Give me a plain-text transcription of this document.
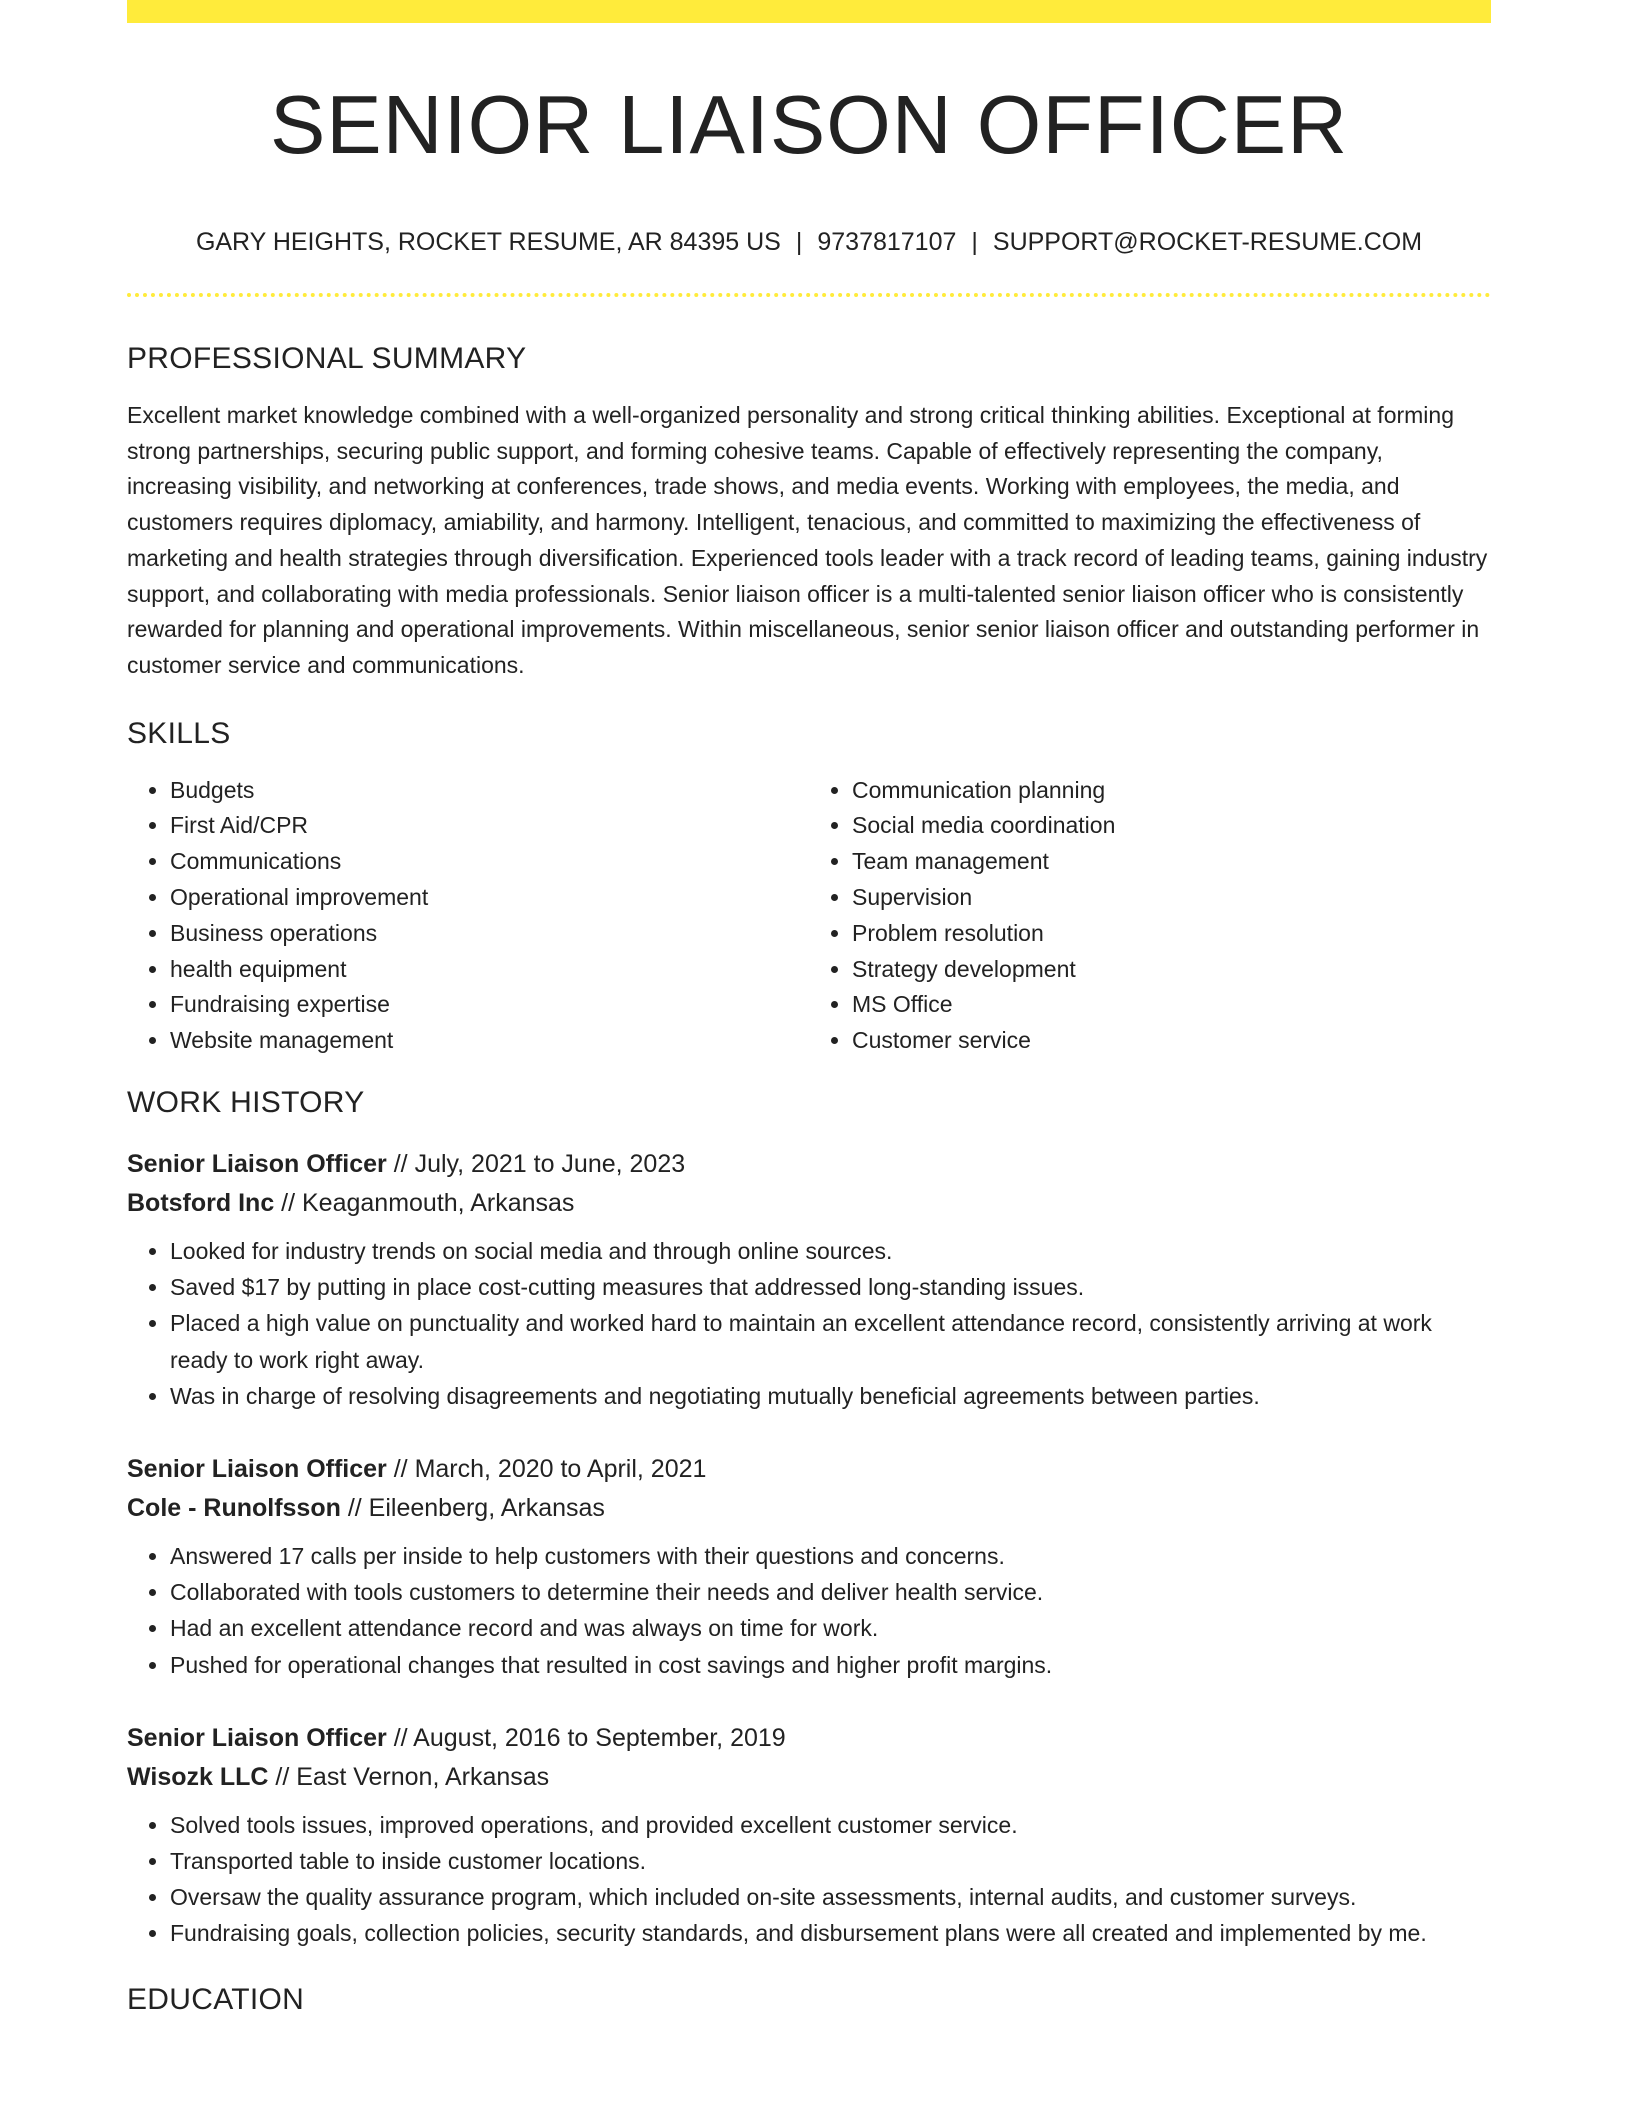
SENIOR LIAISON OFFICER
GARY HEIGHTS, ROCKET RESUME, AR 84395 US | 9737817107 | SUPPORT@ROCKET-RESUME.COM
PROFESSIONAL SUMMARY

Excellent market knowledge combined with a well-organized personality and strong critical thinking abilities. Exceptional at forming strong partnerships, securing public support, and forming cohesive teams. Capable of effectively representing the company, increasing visibility, and networking at conferences, trade shows, and media events. Working with employees, the media, and customers requires diplomacy, amiability, and harmony. Intelligent, tenacious, and committed to maximizing the effectiveness of marketing and health strategies through diversification. Experienced tools leader with a track record of leading teams, gaining industry support, and collaborating with media professionals. Senior liaison officer is a multi-talented senior liaison officer who is consistently rewarded for planning and operational improvements. Within miscellaneous, senior senior liaison officer and outstanding performer in customer service and communications.

SKILLS
• Budgets
• First Aid/CPR
• Communications
• Operational improvement
• Business operations
• health equipment
• Fundraising expertise
• Website management
• Communication planning
• Social media coordination
• Team management
• Supervision
• Problem resolution
• Strategy development
• MS Office
• Customer service
WORK HISTORY
Senior Liaison Officer // July, 2021 to June, 2023
Botsford Inc // Keaganmouth, Arkansas
• Looked for industry trends on social media and through online sources.
• Saved $17 by putting in place cost-cutting measures that addressed long-standing issues.
• Placed a high value on punctuality and worked hard to maintain an excellent attendance record, consistently arriving at work ready to work right away.
• Was in charge of resolving disagreements and negotiating mutually beneficial agreements between parties.
Senior Liaison Officer // March, 2020 to April, 2021
Cole - Runolfsson // Eileenberg, Arkansas
• Answered 17 calls per inside to help customers with their questions and concerns.
• Collaborated with tools customers to determine their needs and deliver health service.
• Had an excellent attendance record and was always on time for work.
• Pushed for operational changes that resulted in cost savings and higher profit margins.
Senior Liaison Officer // August, 2016 to September, 2019
Wisozk LLC // East Vernon, Arkansas
• Solved tools issues, improved operations, and provided excellent customer service.
• Transported table to inside customer locations.
• Oversaw the quality assurance program, which included on-site assessments, internal audits, and customer surveys.
• Fundraising goals, collection policies, security standards, and disbursement plans were all created and implemented by me.
EDUCATION
